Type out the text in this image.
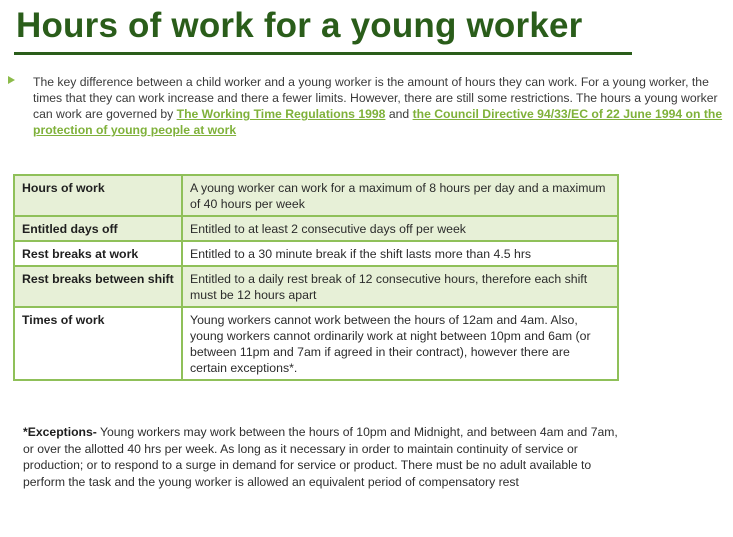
Hours of work for a young worker

The key difference between a child worker and a young worker is the amount of hours they can work. For a young worker, the times that they can work increase and there a fewer limits. However, there are still some restrictions. The hours a young worker can work are governed by The Working Time Regulations 1998 and the Council Directive 94/33/EC of 22 June 1994 on the protection of young people at work

Hours of work	A young worker can work for a maximum of 8 hours per day and a maximum of 40 hours per week
Entitled days off	Entitled to at least 2 consecutive days off per week
Rest breaks at work	Entitled to a 30 minute break if the shift lasts more than 4.5 hrs
Rest breaks between shift	Entitled to a daily rest break of 12 consecutive hours, therefore each shift must be 12 hours apart
Times of work	Young workers cannot work between the hours of 12am and 4am. Also, young workers cannot ordinarily work at night between 10pm and 6am (or between 11pm and 7am if agreed in their contract), however there are certain exceptions*.

*Exceptions- Young workers may work between the hours of 10pm and Midnight, and between 4am and 7am, or over the allotted 40 hrs per week. As long as it necessary in order to maintain continuity of service or production; or to respond to a surge in demand for service or product. There must be no adult available to perform the task and the young worker is allowed an equivalent period of compensatory rest
